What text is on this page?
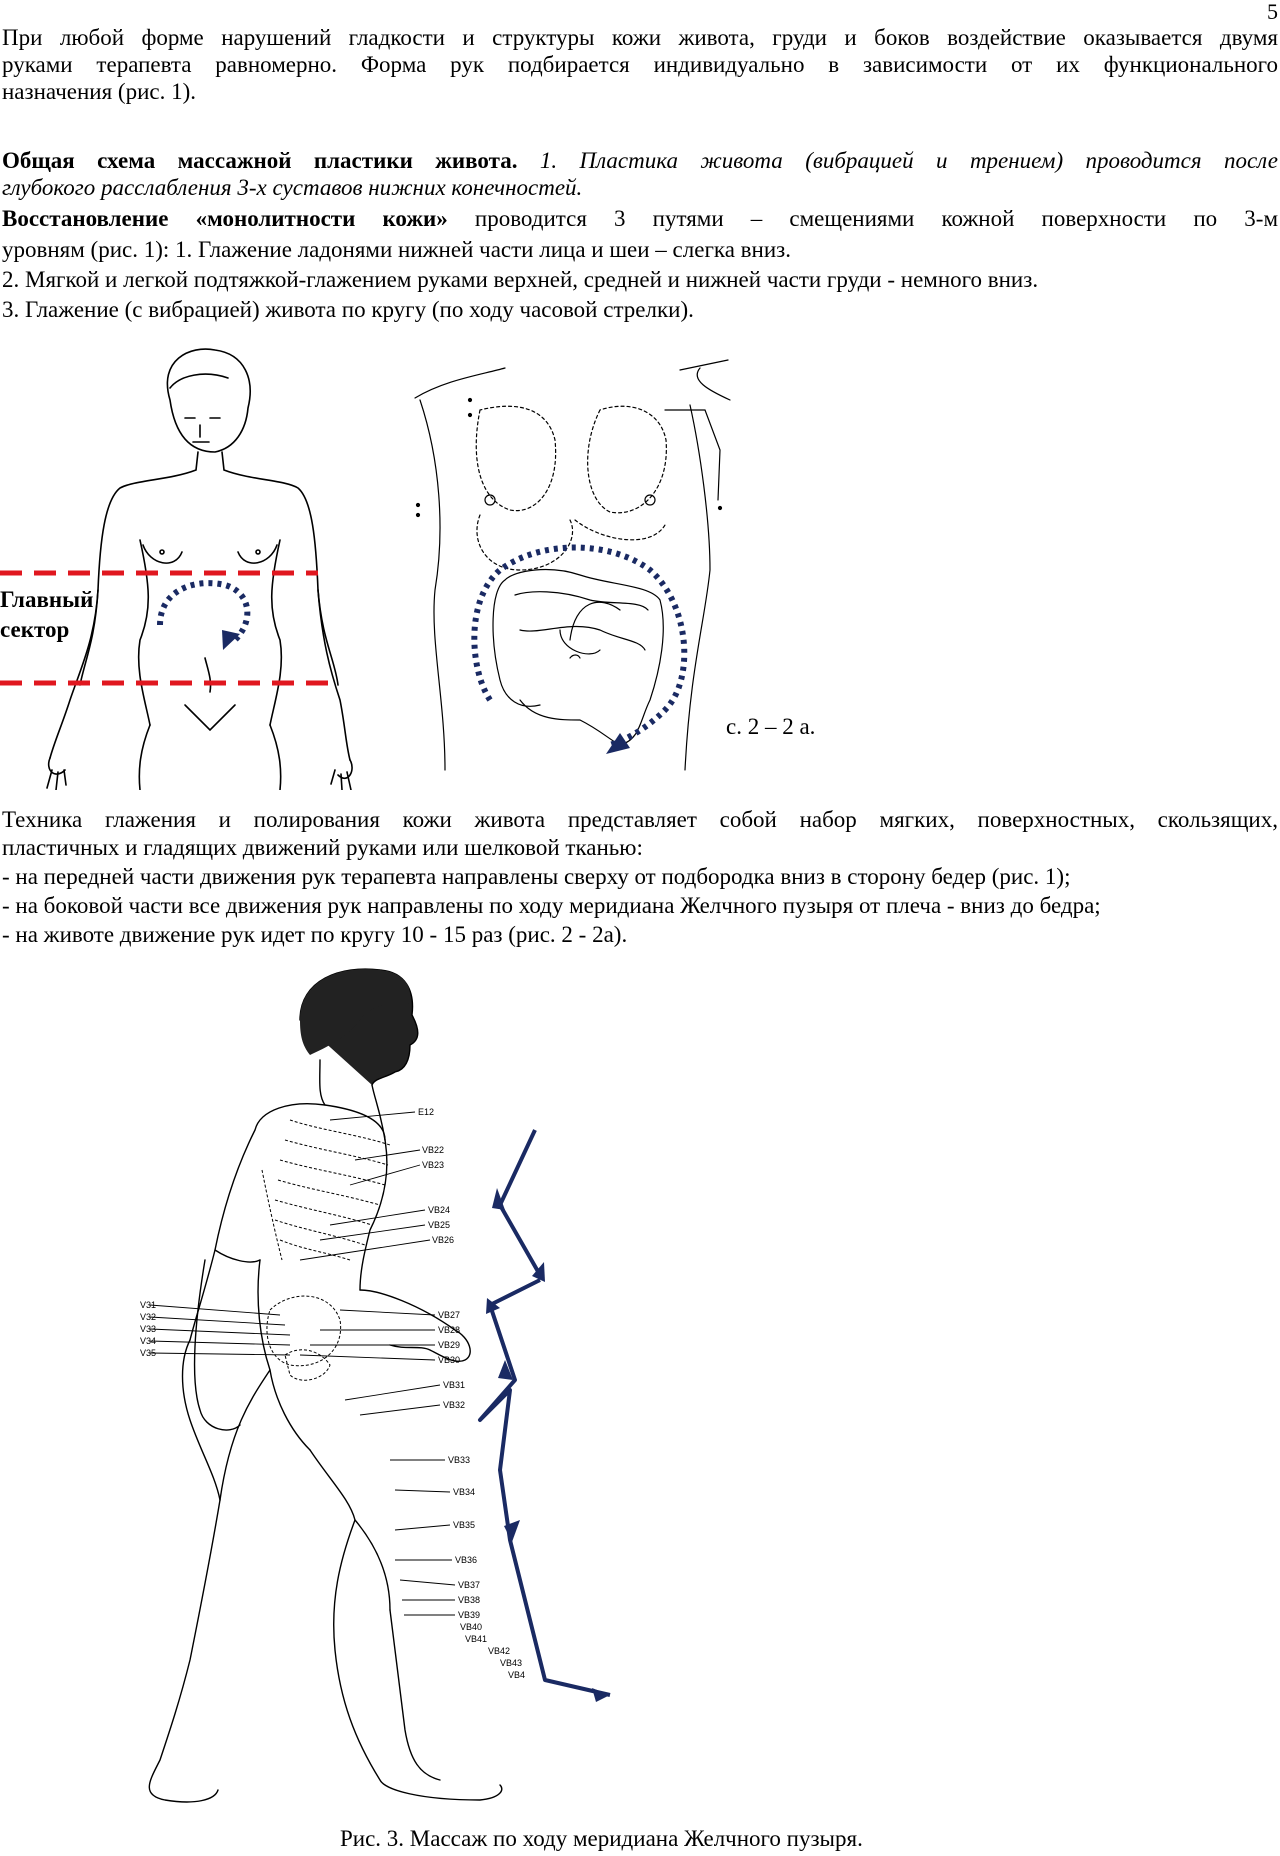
5
При любой форме нарушений гладкости и структуры кожи живота, груди и боков воздействие оказывается двумя
руками терапевта равномерно. Форма рук подбирается индивидуально в зависимости от их функционального
назначения (рис. 1).
Общая схема массажной пластики живота. 1. Пластика живота (вибрацией и трением) проводится после
глубокого расслабления 3-х суставов нижних конечностей.
Восстановление «монолитности кожи» проводится 3 путями – смещениями кожной поверхности по 3-м
уровням (рис. 1): 1. Глажение ладонями нижней части лица и шеи – слегка вниз.
2. Мягкой и легкой подтяжкой-глажением руками верхней, средней и нижней части груди - немного вниз.
3. Глажение (с вибрацией) живота по кругу (по ходу часовой стрелки).
Главный
сектор
с. 2 – 2 а.
Техника глажения и полирования кожи живота представляет собой набор мягких, поверхностных, скользящих,
пластичных и гладящих движений руками или шелковой тканью:
- на передней части движения рук терапевта направлены сверху от подбородка вниз в сторону бедер (рис. 1);
- на боковой части все движения рук направлены по ходу меридиана Желчного пузыря от плеча - вниз до бедра;
- на животе движение рук идет по кругу 10 - 15 раз (рис. 2 - 2а).
E12
VB22
VB23
VB24
VB25
VB26
VB27
VB28
VB29
VB30
VB31
VB32
VB33
VB34
VB35
VB36
VB37
VB38
VB39
VB40
VB41
VB42
VB43
VB4
V31
V32
V33
V34
V35
Рис. 3. Массаж по ходу меридиана Желчного пузыря.
